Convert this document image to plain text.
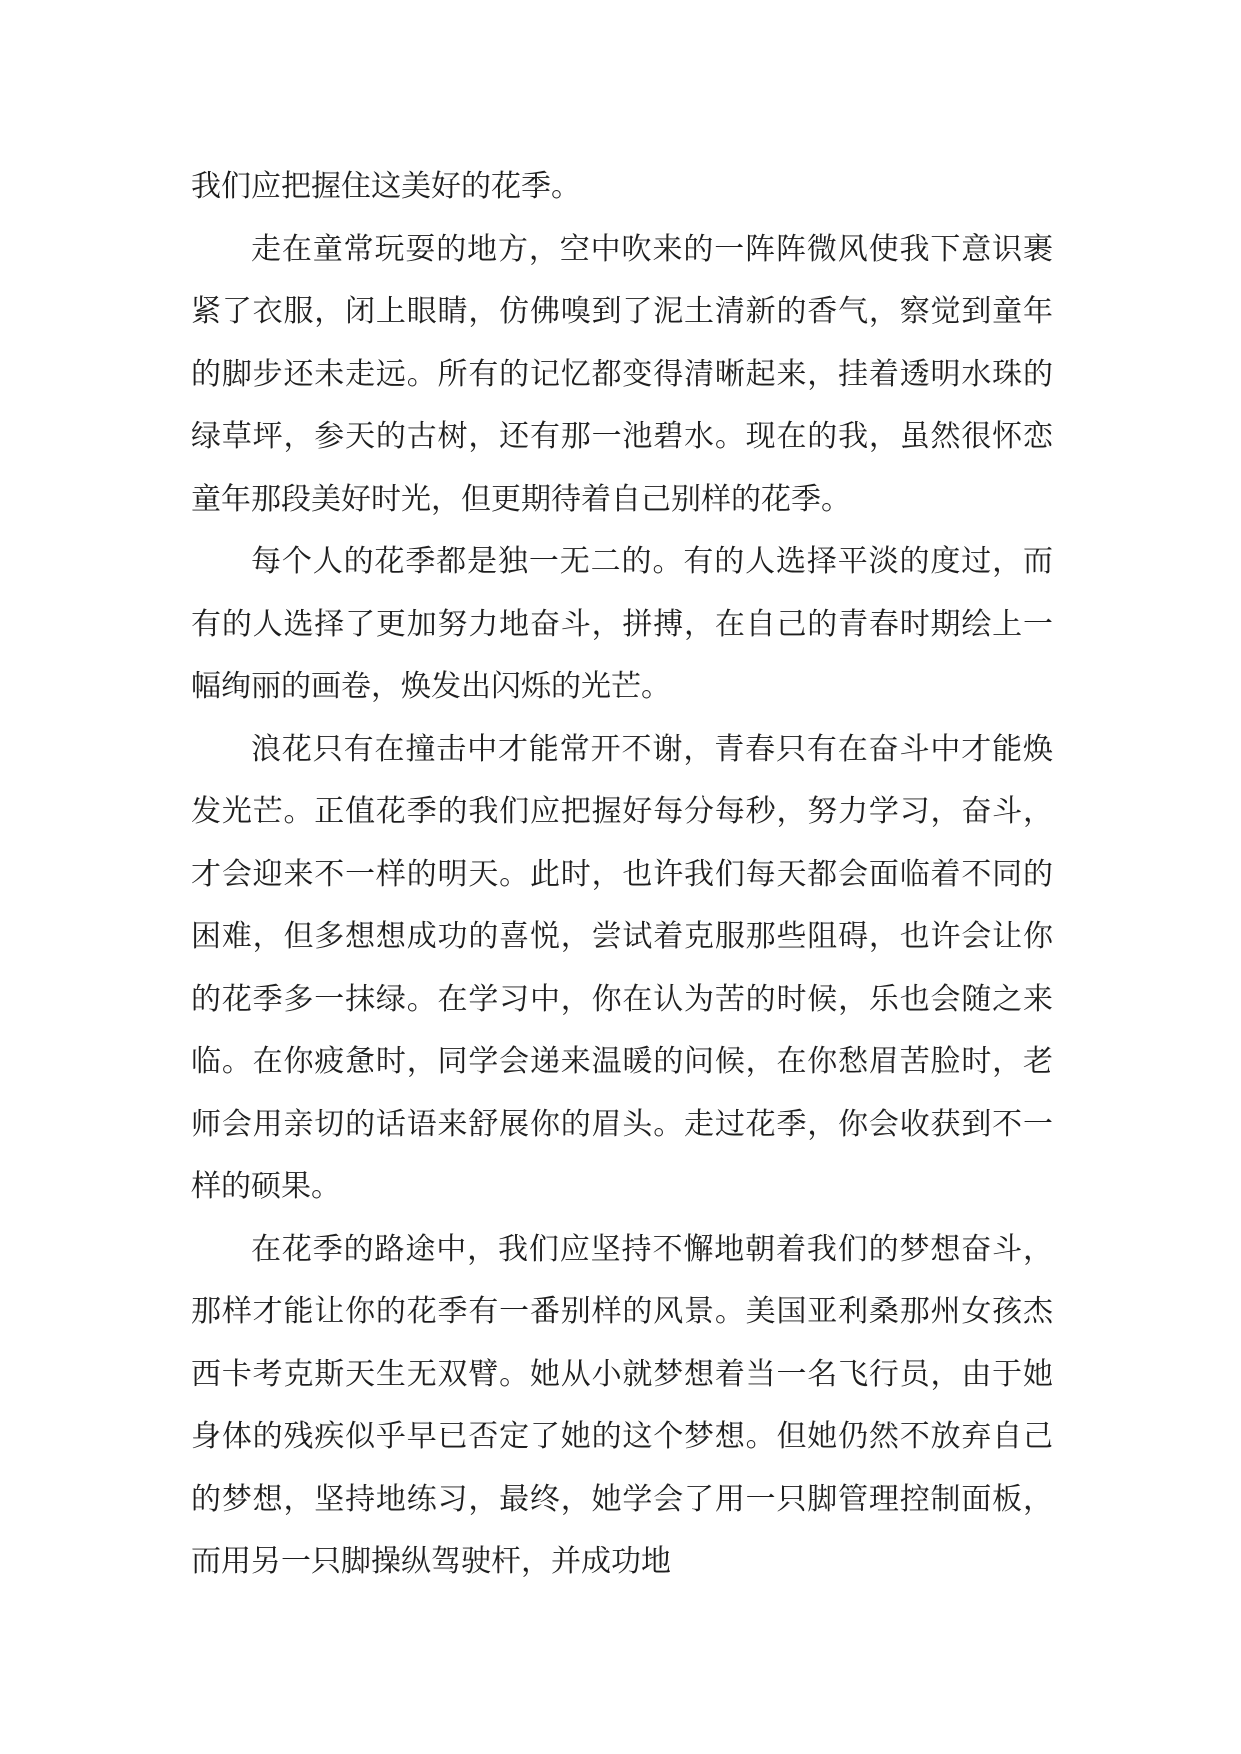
我们应把握住这美好的花季。

走在童常玩耍的地方，空中吹来的一阵阵微风使我下意识裹紧了衣服，闭上眼睛，仿佛嗅到了泥土清新的香气，察觉到童年的脚步还未走远。所有的记忆都变得清晰起来，挂着透明水珠的绿草坪，参天的古树，还有那一池碧水。现在的我，虽然很怀恋童年那段美好时光，但更期待着自己别样的花季。

每个人的花季都是独一无二的。有的人选择平淡的度过，而有的人选择了更加努力地奋斗，拼搏，在自己的青春时期绘上一幅绚丽的画卷，焕发出闪烁的光芒。

浪花只有在撞击中才能常开不谢，青春只有在奋斗中才能焕发光芒。正值花季的我们应把握好每分每秒，努力学习，奋斗，才会迎来不一样的明天。此时，也许我们每天都会面临着不同的困难，但多想想成功的喜悦，尝试着克服那些阻碍，也许会让你的花季多一抹绿。在学习中，你在认为苦的时候，乐也会随之来临。在你疲惫时，同学会递来温暖的问候，在你愁眉苦脸时，老师会用亲切的话语来舒展你的眉头。走过花季，你会收获到不一样的硕果。

在花季的路途中，我们应坚持不懈地朝着我们的梦想奋斗，那样才能让你的花季有一番别样的风景。美国亚利桑那州女孩杰西卡考克斯天生无双臂。她从小就梦想着当一名飞行员，由于她身体的残疾似乎早已否定了她的这个梦想。但她仍然不放弃自己的梦想，坚持地练习，最终，她学会了用一只脚管理控制面板，而用另一只脚操纵驾驶杆，并成功地
